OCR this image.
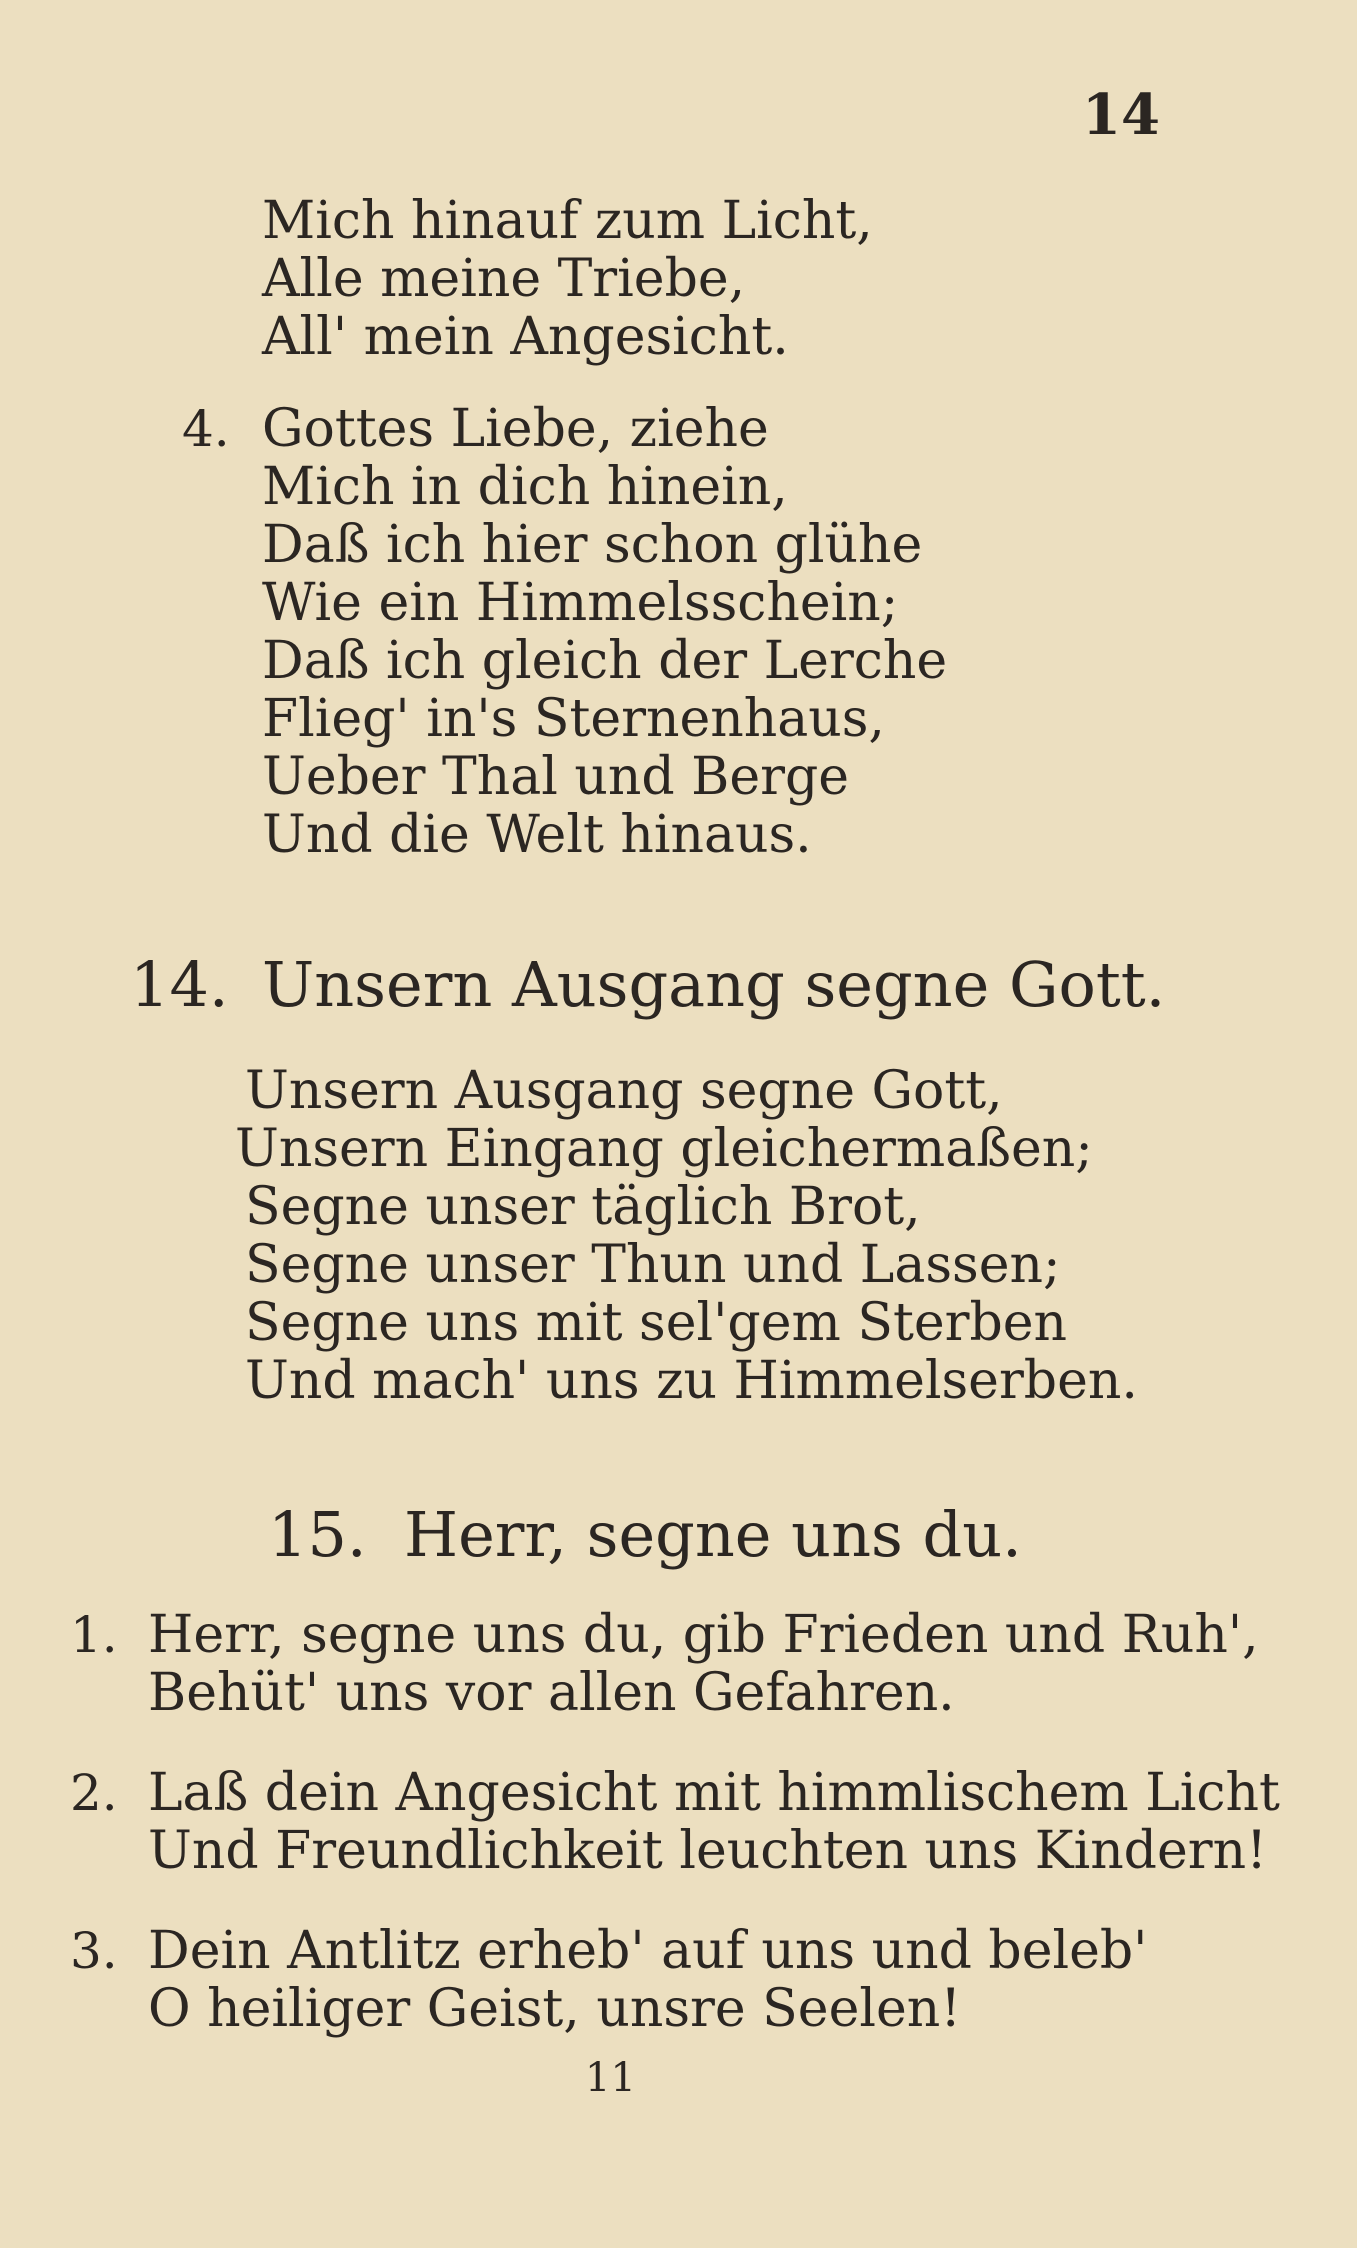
14
Mich hinauf zum Licht,
Alle meine Triebe,
All' mein Angesicht.
4. Gottes Liebe, ziehe
Mich in dich hinein,
Daß ich hier schon glühe
Wie ein Himmelsschein;
Daß ich gleich der Lerche
Flieg' in's Sternenhaus,
Ueber Thal und Berge
Und die Welt hinaus.
14. Unsern Ausgang segne Gott.
Unsern Ausgang segne Gott,
Unsern Eingang gleichermaßen;
Segne unser täglich Brot,
Segne unser Thun und Lassen;
Segne uns mit sel'gem Sterben
Und mach' uns zu Himmelserben.
15. Herr, segne uns du.
1. Herr, segne uns du, gib Frieden und Ruh',
Behüt' uns vor allen Gefahren.
2. Laß dein Angesicht mit himmlischem Licht
Und Freundlichkeit leuchten uns Kindern!
3. Dein Antlitz erheb' auf uns und beleb'
O heiliger Geist, unsre Seelen!
11
